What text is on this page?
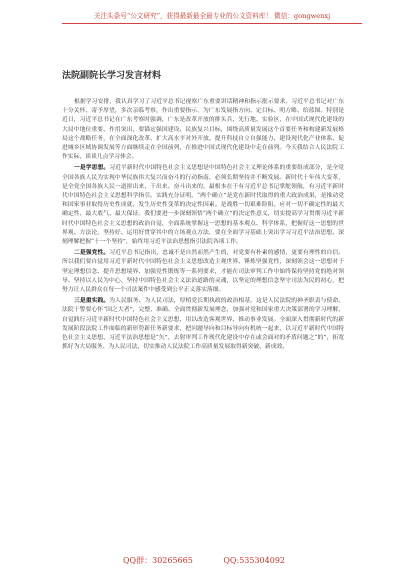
关注头条号“公文研究”，获得最新最全最专业的公文资料库！ 微信：gongwenxj
法院副院长学习发言材料

根据学习安排，我认真学习了习近平总书记视察广东重要讲话精神和指示批示要求。习近平总书记对广东十分关怀、寄予厚望，多次亲临考察，作出重要指示，为广东发展指方向、定目标、明方略、给蓝图。特别是近日，习近平总书记在广东考察时强调，广东是改革开放的排头兵、先行地、实验区，在中国式现代化建设的大局中地位重要、作用突出，要锚定强国建设、民族复兴目标，围绕高质量发展这个首要任务和构建新发展格局这个战略任务，在全面深化改革、扩大高水平对外开放、提升科技自立自强能力、建设现代化产业体系、促进城乡区域协调发展等方面继续走在全国前列，在推进中国式现代化建设中走在前列。今天我结合人民法院工作实际，谈谈几点学习体会。

一是学思想。习近平新时代中国特色社会主义思想是中国特色社会主义理论体系的重要组成部分，是全党全国各族人民为实现中华民族伟大复兴而奋斗的行动指南，必须长期坚持并不断发展。新时代十年伟大变革，是全党全国各族人民一道拼出来、干出来、奋斗出来的，最根本在于有习近平总书记掌舵领航，有习近平新时代中国特色社会主义思想科学指引。实践充分证明，“两个确立”是党在新时代取得的重大政治成果，是推动党和国家事业取得历史性成就、发生历史性变革的决定性因素。是战胜一切艰难险阻、应对一切不确定性的最大确定性、最大底气、最大保证。我们要进一步深刻领悟“两个确立”的决定性意义，切实提高学习贯彻习近平新时代中国特色社会主义思想的政治自觉，全面系统掌握这一思想的基本观点、科学体系，把握好这一思想的世界观、方法论，坚持好、运用好贯穿其中的立场观点方法，要在全面学习基础上突出学习习近平法治思想，深刻理解把握“十一个坚持”，始终用习近平法治思想指引法院各项工作。

二是强党性。习近平总书记指出，忠诚不是自然而然产生的，对党要有朴素的感情，更要有理性的自信。所以我们要自觉用习近平新时代中国特色社会主义思想改造主观世界、锤炼坚强党性，深刻领会这一思想对于坚定理想信念、提升思想境界、加强党性锻炼等一系列要求，才能在司法审判工作中始终保持坚持党的绝对领导、坚持以人民为中心、坚持中国特色社会主义法治道路的灵魂，以坚定的理想信念坚守司法为民的初心，把努力让人民群众在每一个司法案件中感受到公平正义落实落细。

三是重实践。为人民服务、为人民司法，厚植党长期执政的政治根基，这是人民法院的神圣职责与使命。法院干警要心怀“国之大者”，完整、准确、全面贯彻新发展理念，加强对党和国家重大决策部署的学习理解，自觉践行习近平新时代中国特色社会主义思想，用以改造客观世界、推动事业发展。全面深入贯彻新时代的新发展阶段法院工作面临的新形势新任务新要求，把问题导向和目标导向有机统一起来，以习近平新时代中国特色社会主义思想、习近平法治思想是“矢”，去射审判工作现代化建设中存在或会面对的矛盾问题之“的”，拓宽抓好为大局服务、为人民司法，切实推动人民法院工作高质量发展取得新突破、新成效。

QQ群：30265665	QQ:535304092
